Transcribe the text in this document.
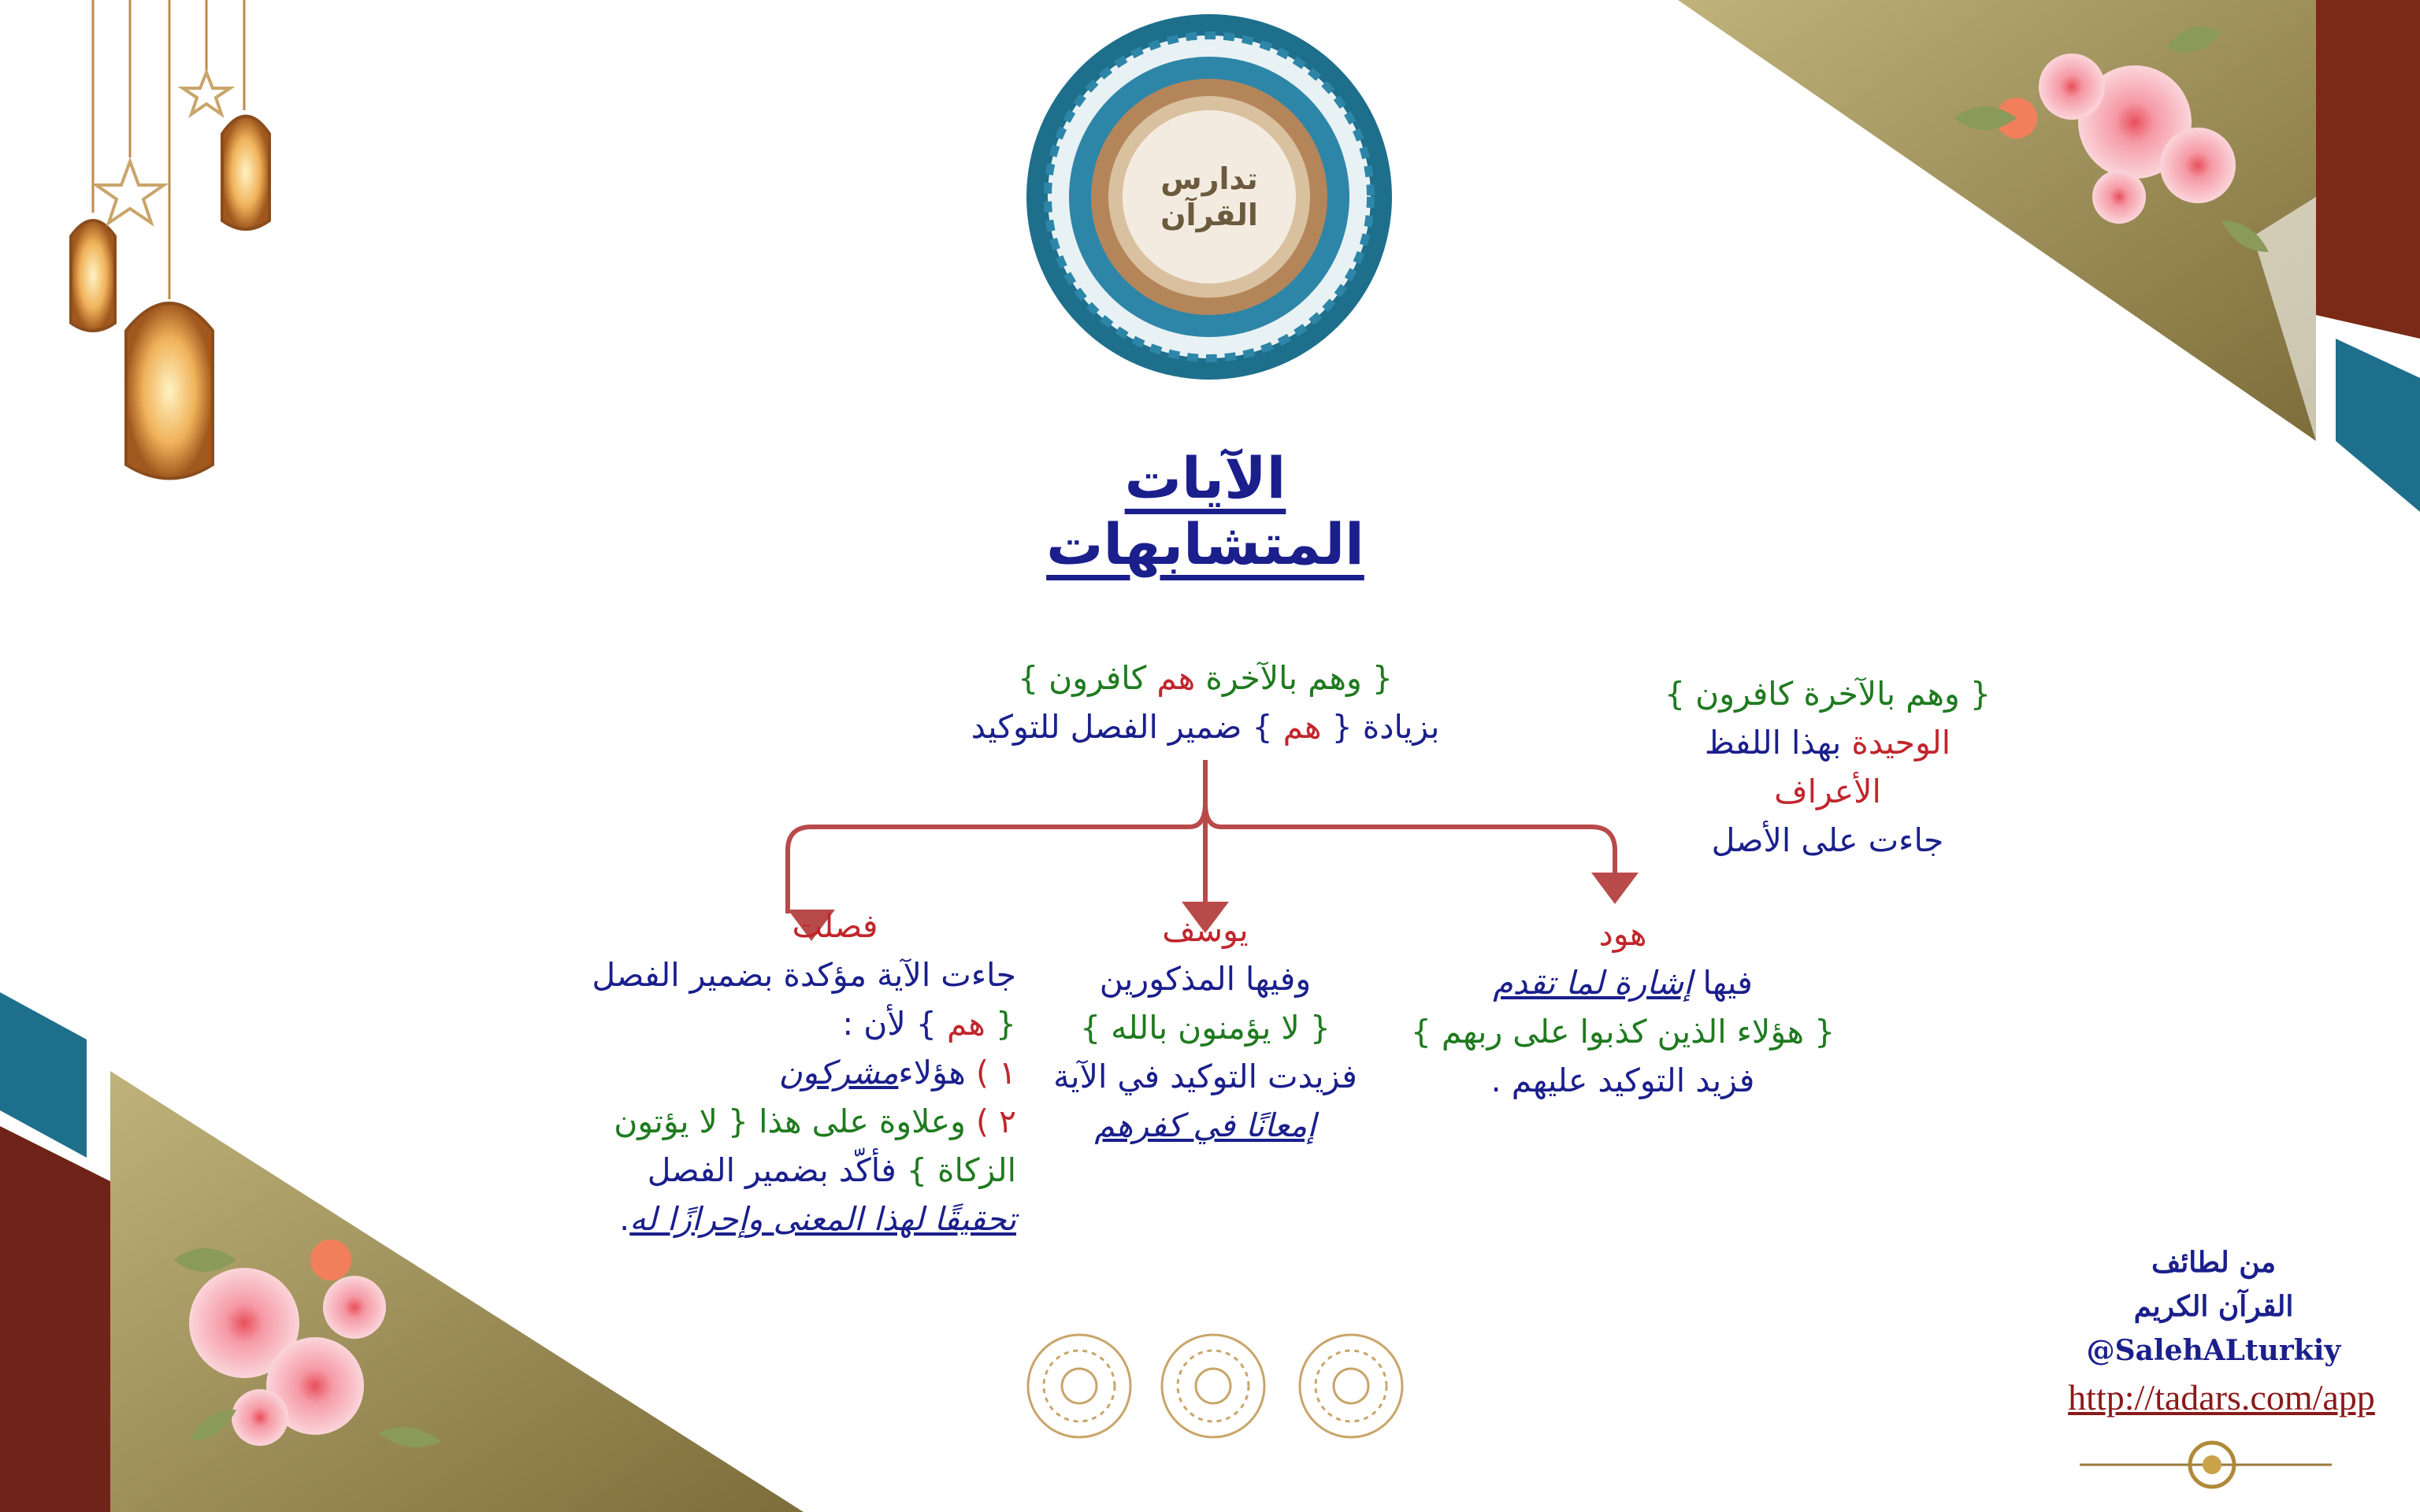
تدارس القرآن
الآيات المتشابهات
{ وهم بالآخرة كافرون }
الوحيدة بهذا اللفظ
الأعراف
جاءت على الأصل
{ وهم بالآخرة هم كافرون }
بزيادة { هم } ضمير الفصل للتوكيد
هود
فيها إشارة لما تقدم
{ هؤلاء الذين كذبوا على ربهم }
فزيد التوكيد عليهم .
يوسف
وفيها المذكورين
{ لا يؤمنون بالله }
فزيدت التوكيد في الآية
إمعانًا في كفرهم
فصلت
جاءت الآية مؤكدة بضمير الفصل
{ هم } لأن :
١ ) هؤلاءمشركون
٢ ) وعلاوة على هذا { لا يؤتون
الزكاة } فأكّد بضمير الفصل
تحقيقًا لهذا المعنى وإحرازًا له.
من لطائف
القرآن الكريم
@SalehALturkiy
http://tadars.com/app
